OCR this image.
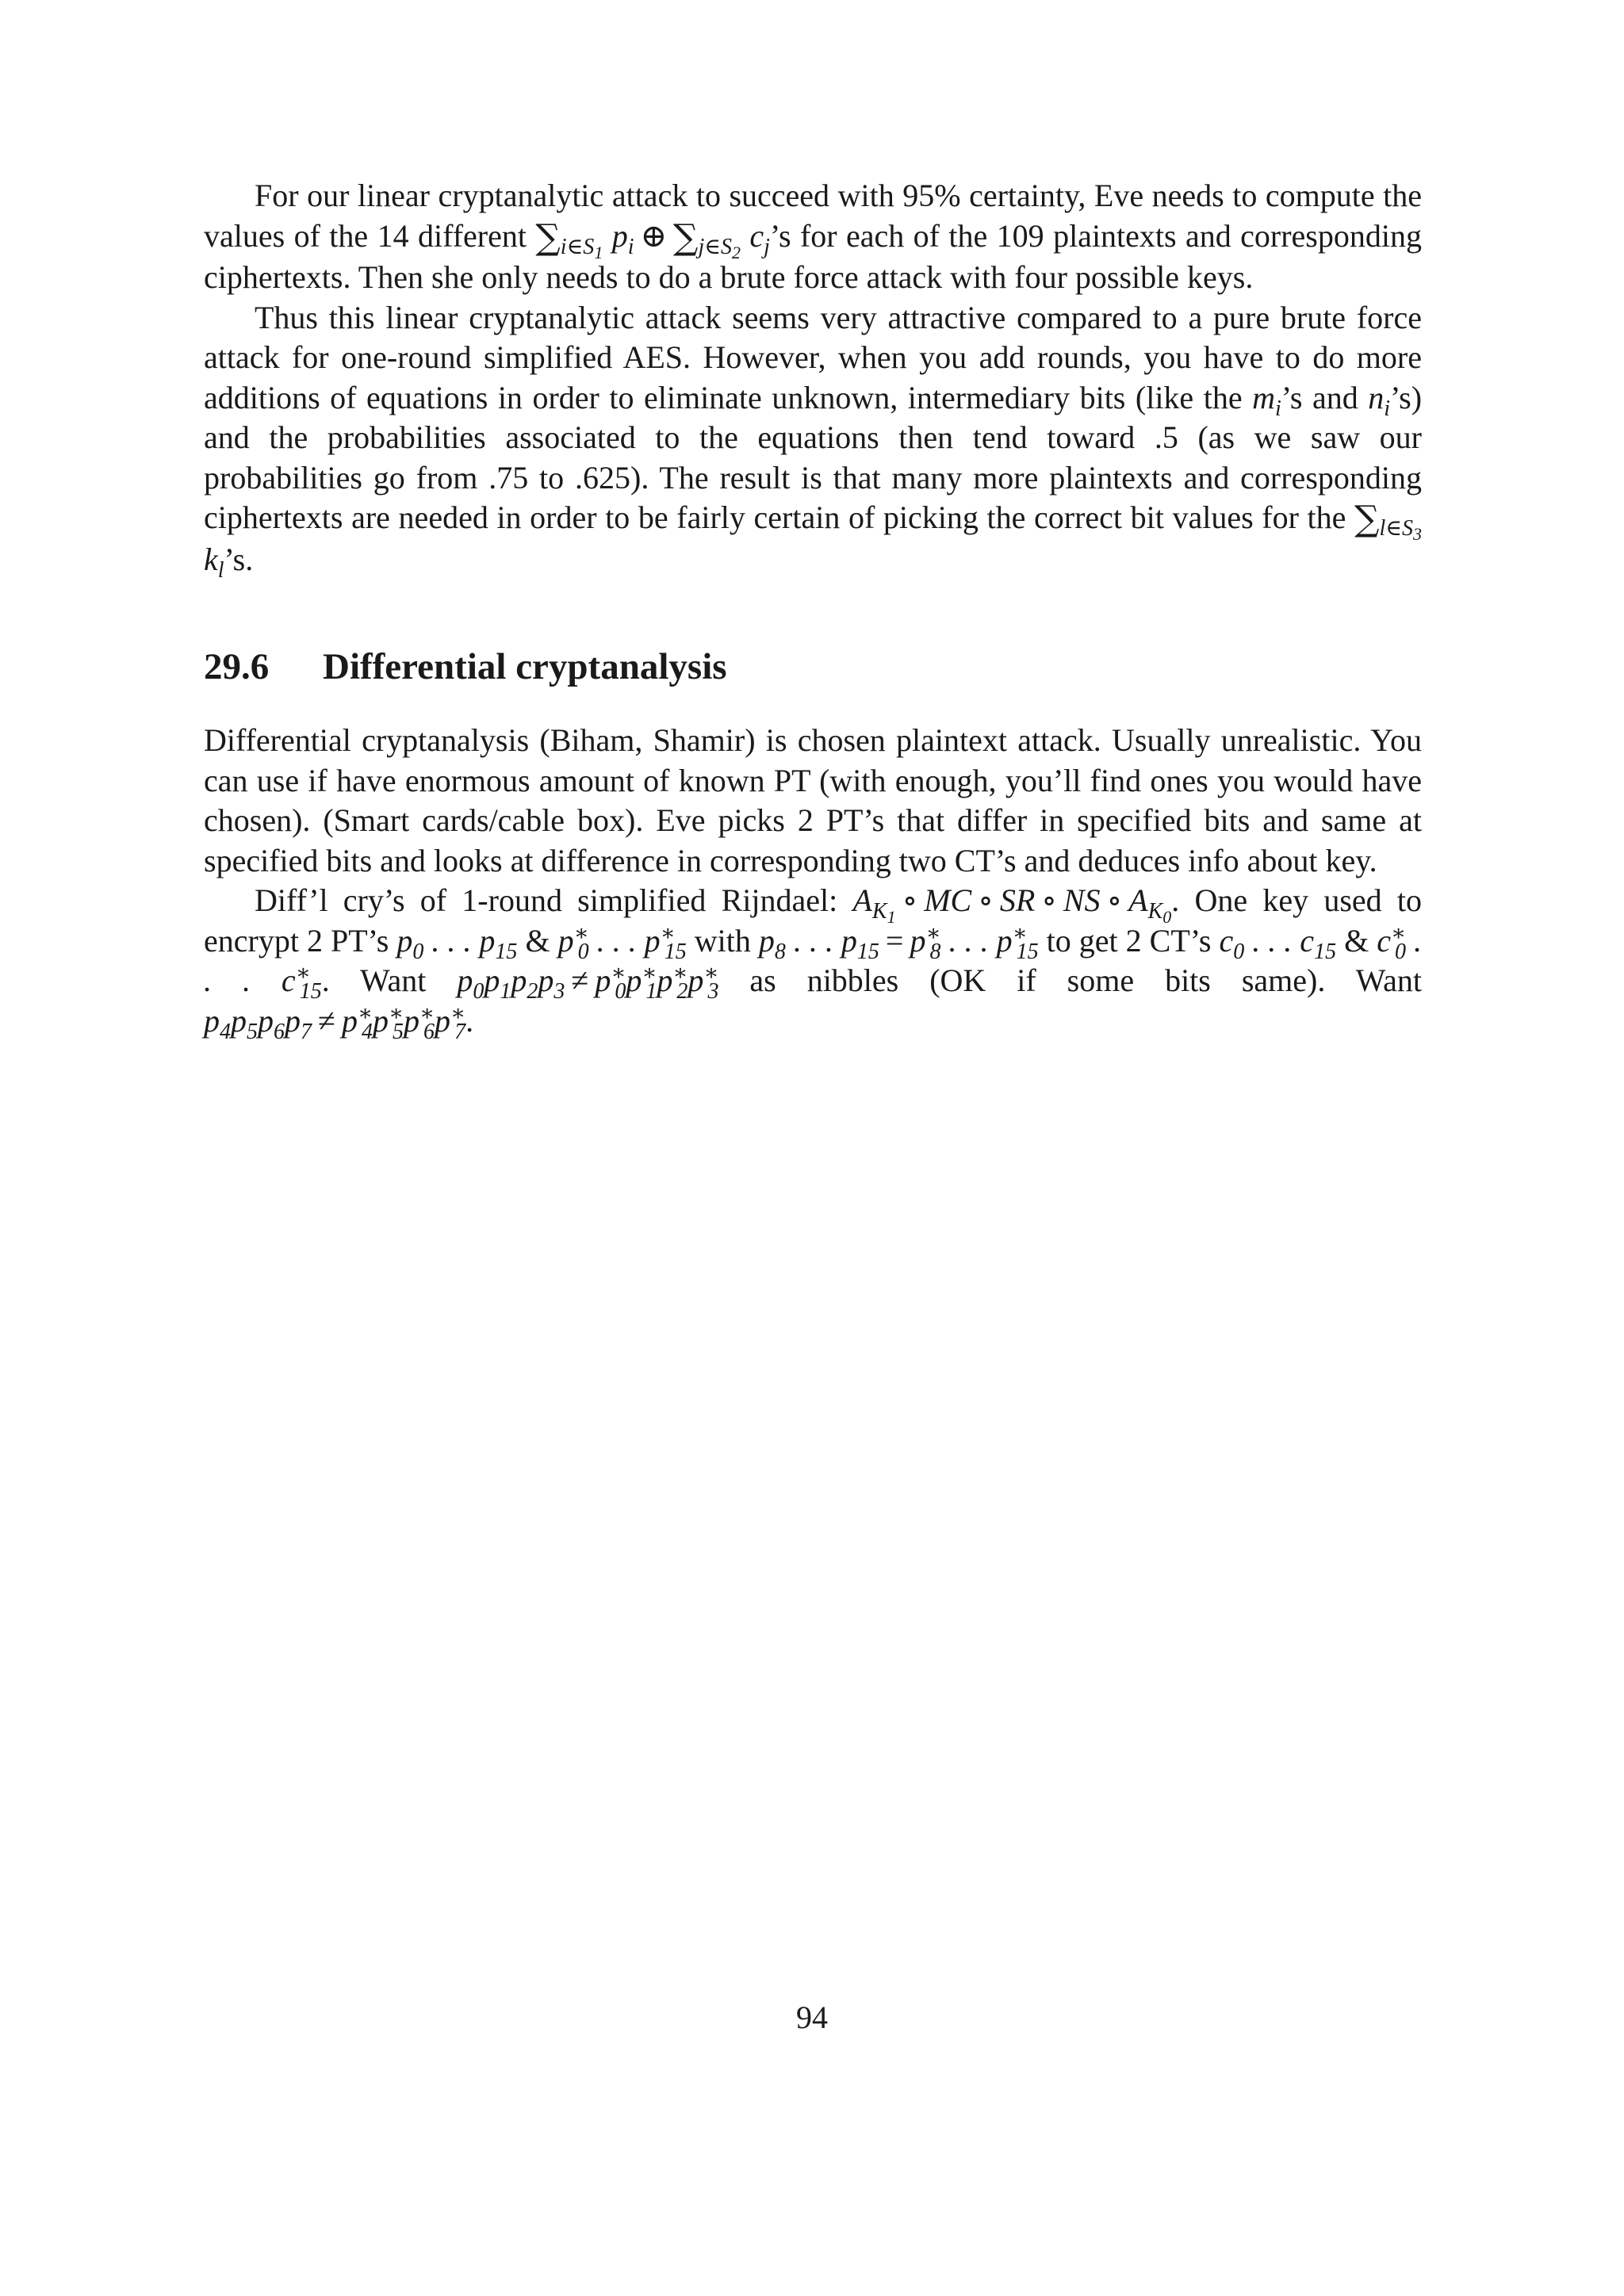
For our linear cryptanalytic attack to succeed with 95% certainty, Eve needs to compute the values of the 14 different $\sum_{i\in S_1}$ $p_i$ ⊕ $\sum_{j\in S_2}$ $c_j’s$ for each of the 109 plaintexts and corresponding ciphertexts. Then she only needs to do a brute force attack with four possible keys.

Thus this linear cryptanalytic attack seems very attractive compared to a pure brute force attack for one-round simplified AES. However, when you add rounds, you have to do more additions of equations in order to eliminate unknown, intermediary bits (like the $m_i’s$ and $n_i’s$) and the probabilities associated to the equations then tend toward .5 (as we saw our probabilities go from .75 to .625). The result is that many more plaintexts and corresponding ciphertexts are needed in order to be fairly certain of picking the correct bit values for the $\sum_{l\in S_3}$ $k_l’s$.

29.6 Differential cryptanalysis

Differential cryptanalysis (Biham, Shamir) is chosen plaintext attack. Usually unrealistic. You can use if have enormous amount of known PT (with enough, you’ll find ones you would have chosen). (Smart cards/cable box). Eve picks 2 PT’s that differ in specified bits and same at specified bits and looks at difference in corresponding two CT’s and deduces info about key.

Diff’l cry’s of 1-round simplified Rijndael: $A_{K_1}$ ∘ MC ∘ SR ∘ NS ∘ $A_{K_0}$. One key used to encrypt 2 PT’s $p_0$ . . . $p_{15}$ & $p^∗_0$ . . . $p^∗_{15}$ with $p_8$ . . . $p_{15} = p^∗_8$ . . . $p^∗_{15}$ to get 2 CT’s $c_0$ . . . $c_{15}$ & $c^∗_0$ . . . $c^∗_{15}$. Want $p_0p_1p_2p_3 \ne p^∗_0p^∗_1p^∗_2p^∗_3$ as nibbles (OK if some bits same). Want $p_4p_5p_6p_7 \ne p^∗_4p^∗_5p^∗_6p^∗_7$.

94
